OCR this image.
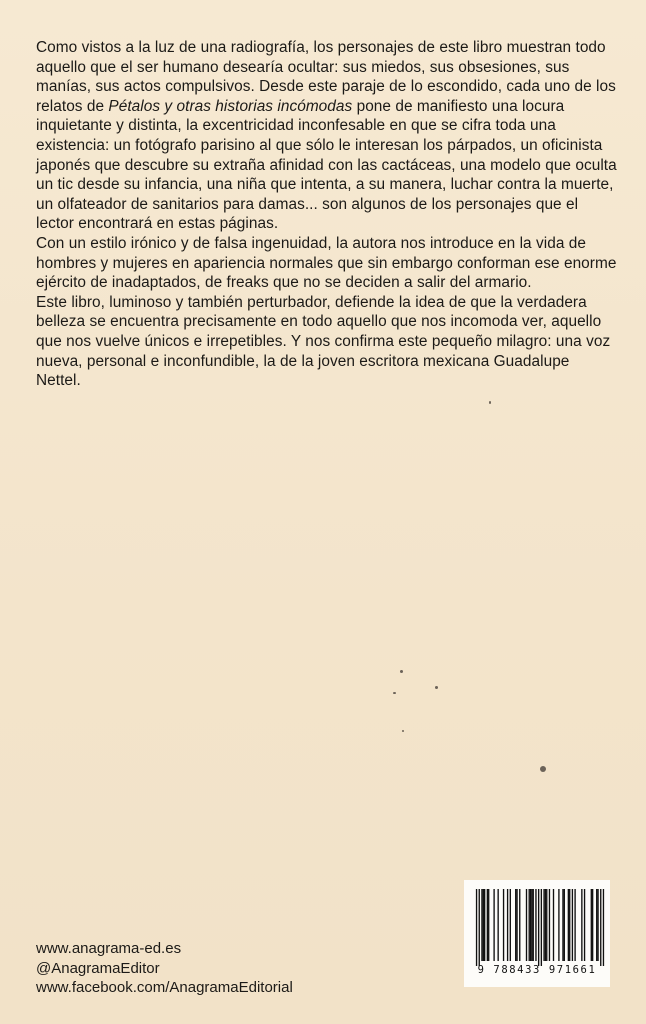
Como vistos a la luz de una radiografía, los personajes de este libro muestran todo aquello que el ser humano desearía ocultar: sus miedos, sus obsesiones, sus manías, sus actos compulsivos. Desde este paraje de lo escondido, cada uno de los relatos de Pétalos y otras historias incómodas pone de manifiesto una locura inquietante y distinta, la excentricidad inconfesable en que se cifra toda una existencia: un fotógrafo parisino al que sólo le interesan los párpados, un oficinista japonés que descubre su extraña afinidad con las cactáceas, una modelo que oculta un tic desde su infancia, una niña que intenta, a su manera, luchar contra la muerte, un olfateador de sanitarios para damas... son algunos de los personajes que el lector encontrará en estas páginas.

Con un estilo irónico y de falsa ingenuidad, la autora nos introduce en la vida de hombres y mujeres en apariencia normales que sin embargo conforman ese enorme ejército de inadaptados, de freaks que no se deciden a salir del armario.

Este libro, luminoso y también perturbador, defiende la idea de que la verdadera belleza se encuentra precisamente en todo aquello que nos incomoda ver, aquello que nos vuelve únicos e irrepetibles. Y nos confirma este pequeño milagro: una voz nueva, personal e inconfundible, la de la joven escritora mexicana Guadalupe Nettel.

www.anagrama-ed.es
@AnagramaEditor
www.facebook.com/AnagramaEditorial
9 788433 971661
